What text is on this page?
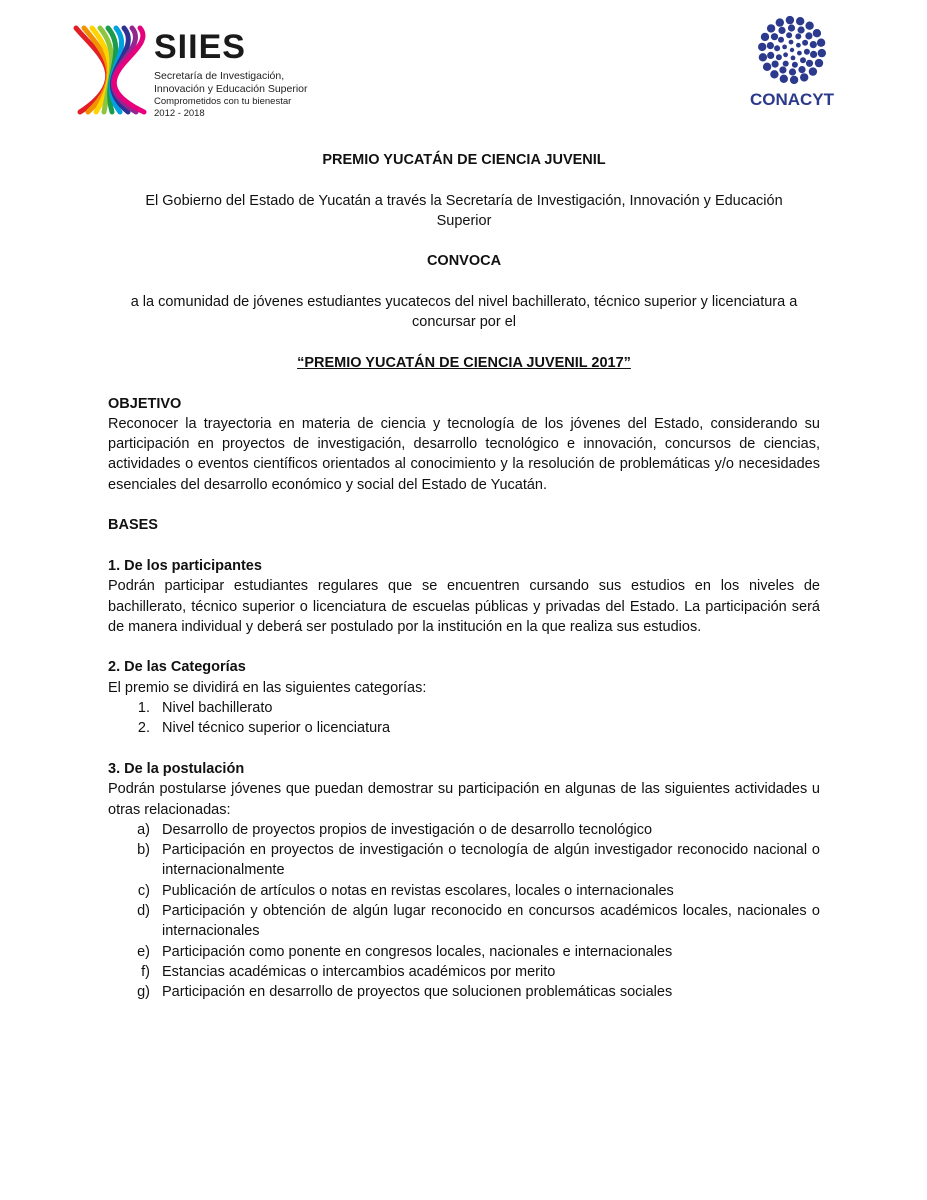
SIIES
Secretaría de Investigación,
Innovación y Educación Superior
Comprometidos con tu bienestar
2012 - 2018
CONACYT

PREMIO YUCATÁN DE CIENCIA JUVENIL

El Gobierno del Estado de Yucatán a través la Secretaría de Investigación, Innovación y Educación Superior

CONVOCA

a la comunidad de jóvenes estudiantes yucatecos del nivel bachillerato, técnico superior y licenciatura a concursar por el

“PREMIO YUCATÁN DE CIENCIA JUVENIL 2017”

OBJETIVO

Reconocer la trayectoria en materia de ciencia y tecnología de los jóvenes del Estado, considerando su participación en proyectos de investigación, desarrollo tecnológico e innovación, concursos de ciencias, actividades o eventos científicos orientados al conocimiento y la resolución de problemáticas y/o necesidades esenciales del desarrollo económico y social del Estado de Yucatán.

BASES

1. De los participantes

Podrán participar estudiantes regulares que se encuentren cursando sus estudios en los niveles de bachillerato, técnico superior o licenciatura de escuelas públicas y privadas del Estado. La participación será de manera individual y deberá ser postulado por la institución en la que realiza sus estudios.

2. De las Categorías

El premio se dividirá en las siguientes categorías:

1. Nivel bachillerato
2. Nivel técnico superior o licenciatura

3. De la postulación

Podrán postularse jóvenes que puedan demostrar su participación en algunas de las siguientes actividades u otras relacionadas:

a) Desarrollo de proyectos propios de investigación o de desarrollo tecnológico
b) Participación en proyectos de investigación o tecnología de algún investigador reconocido nacional o internacionalmente
c) Publicación de artículos o notas en revistas escolares, locales o internacionales
d) Participación y obtención de algún lugar reconocido en concursos académicos locales, nacionales o internacionales
e) Participación como ponente en congresos locales, nacionales e internacionales
f) Estancias académicas o intercambios académicos por merito
g) Participación en desarrollo de proyectos que solucionen problemáticas sociales
